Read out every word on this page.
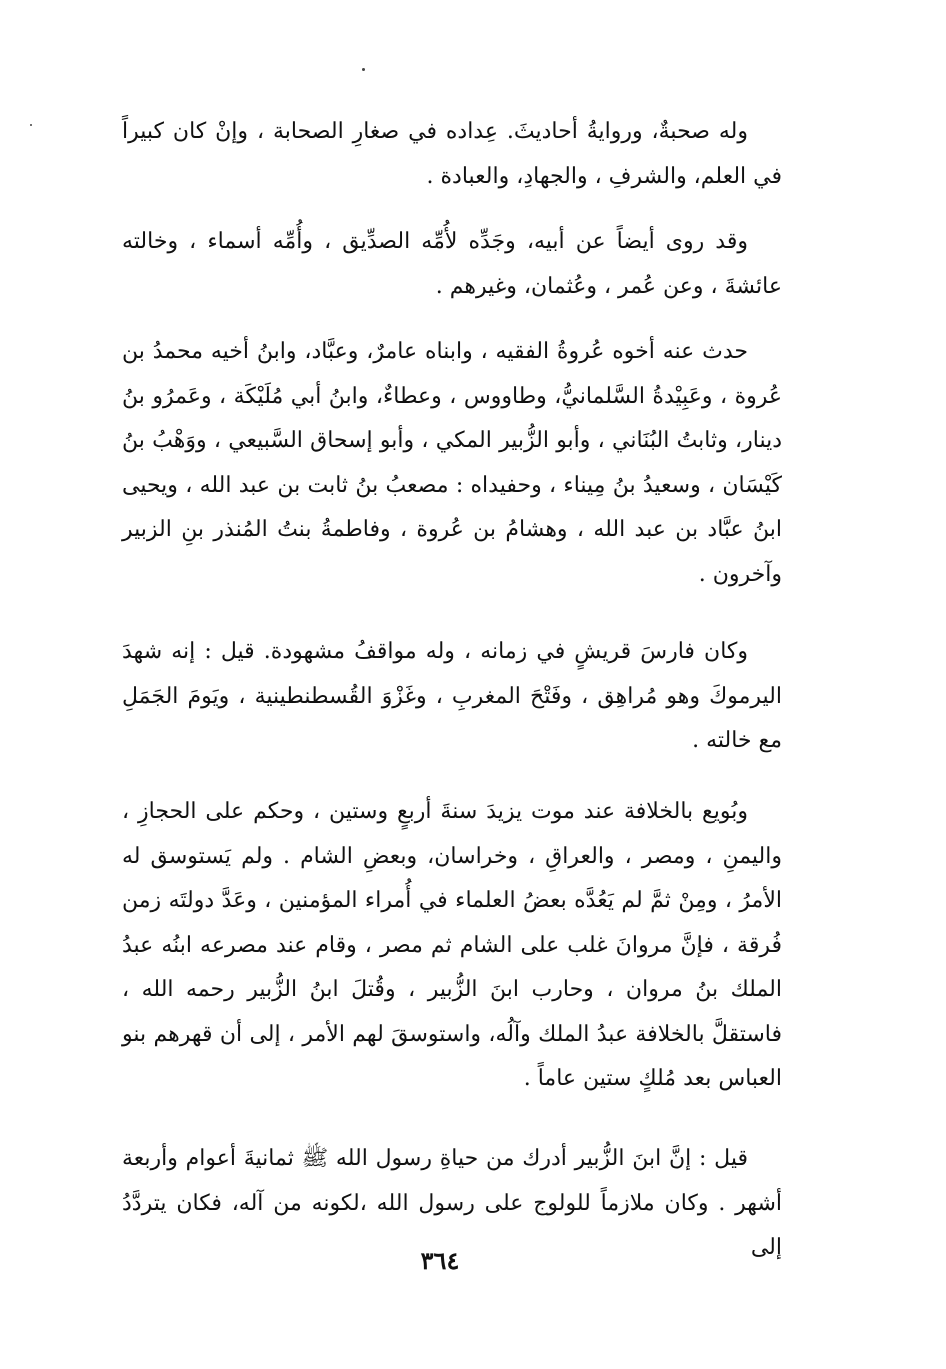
وله صحبةٌ، وروايةُ أحاديثَ. عِداده في صغارِ الصحابة ، وإنْ كان كبيراً في العلم، والشرفِ ، والجهادِ، والعبادة .

وقد روى أيضاً عن أبيه، وجَدِّه لأُمِّه الصدِّيق ، وأُمِّه أسماء ، وخالته عائشةَ ، وعن عُمر ، وعُثمان، وغيرهم .

حدث عنه أخوه عُروةُ الفقيه ، وابناه عامرٌ، وعبَّاد، وابنُ أخيه محمدُ بن عُروة ، وعَبِيْدةُ السَّلمانيُّ، وطاووس ، وعطاءٌ، وابنُ أبي مُلَيْكَة ، وعَمرُو بنُ دينار، وثابتُ البُنَاني ، وأبو الزُّبير المكي ، وأبو إسحاق السَّبيعي ، ووَهْبُ بنُ كَيْسَان ، وسعيدُ بنُ مِيناء ، وحفيداه : مصعبُ بنُ ثابت بن عبد الله ، ويحيى ابنُ عبَّاد بن عبد الله ، وهشامُ بن عُروة ، وفاطمةُ بنتُ المُنذر بنِ الزبير وآخرون .

وكان فارسَ قريشٍ في زمانه ، وله مواقفُ مشهودة. قيل : إنه شهدَ اليرموكَ وهو مُراهِق ، وفَتْحَ المغربِ ، وغَزْوَ القُسطنطينية ، ويَومَ الجَمَلِ مع خالته .

وبُويع بالخلافة عند موت يزيدَ سنةَ أربعٍ وستين ، وحكم على الحجازِ ، واليمنِ ، ومصر ، والعراقِ ، وخراسان، وبعضِ الشام . ولم يَستوسق له الأمرُ ، ومِنْ ثمَّ لم يَعُدَّه بعضُ العلماء في أُمراء المؤمنين ، وعَدَّ دولتَه زمن فُرقة ، فإنَّ مروانَ غلب على الشام ثم مصر ، وقام عند مصرعه ابنُه عبدُ الملك بنُ مروان ، وحارب ابنَ الزُّبير ، وقُتلَ ابنُ الزُّبير رحمه الله ، فاستقلَّ بالخلافة عبدُ الملك وآلُه، واستوسقَ لهم الأمر ، إلى أن قهرهم بنو العباس بعد مُلكٍ ستين عاماً .

قيل : إنَّ ابنَ الزُّبير أدرك من حياةِ رسول الله ﷺ ثمانيةَ أعوام وأربعة أشهر . وكان ملازماً للولوج على رسول الله ،لكونه من آله، فكان يتردَّدُ إلى

٣٦٤
